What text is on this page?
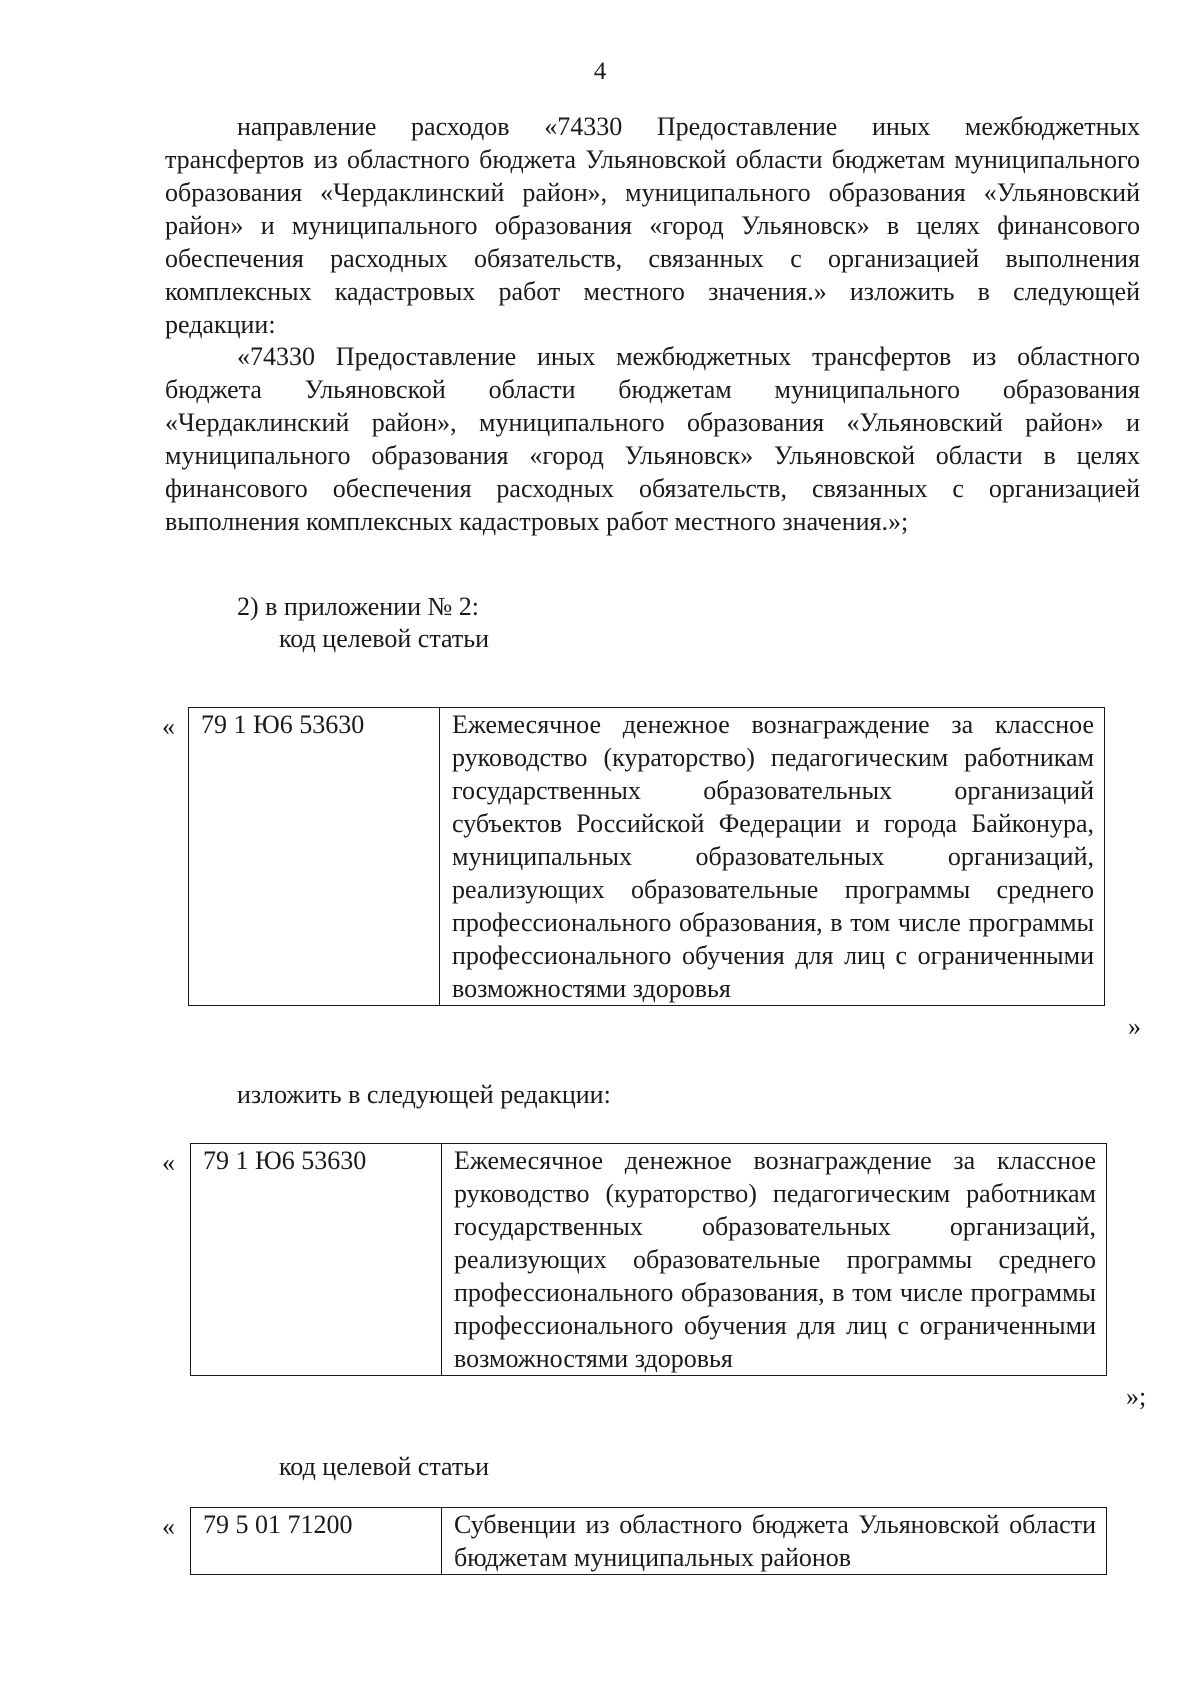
4

направление расходов «74330 Предоставление иных межбюджетных трансфертов из областного бюджета Ульяновской области бюджетам муниципального образования «Чердаклинский район», муниципального образования «Ульяновский район» и муниципального образования «город Ульяновск» в целях финансового обеспечения расходных обязательств, связанных с организацией выполнения комплексных кадастровых работ местного значения.» изложить в следующей редакции:

«74330 Предоставление иных межбюджетных трансфертов из областного бюджета Ульяновской области бюджетам муниципального образования «Чердаклинский район», муниципального образования «Ульяновский район» и муниципального образования «город Ульяновск» Ульяновской области в целях финансового обеспечения расходных обязательств, связанных с организацией выполнения комплексных кадастровых работ местного значения.»;

2) в приложении № 2:

код целевой статьи

« 79 1 Ю6 53630	Ежемесячное денежное вознаграждение за классное руководство (кураторство) педагогическим работникам государственных образовательных организаций субъектов Российской Федерации и города Байконура, муниципальных образовательных организаций, реализующих образовательные программы среднего профессионального образования, в том числе программы профессионального обучения для лиц с ограниченными возможностями здоровья
»

изложить в следующей редакции:

« 79 1 Ю6 53630	Ежемесячное денежное вознаграждение за классное руководство (кураторство) педагогическим работникам государственных образовательных организаций, реализующих образовательные программы среднего профессионального образования, в том числе программы профессионального обучения для лиц с ограниченными возможностями здоровья
»;

код целевой статьи

« 79 5 01 71200	Субвенции из областного бюджета Ульяновской области бюджетам муниципальных районов
